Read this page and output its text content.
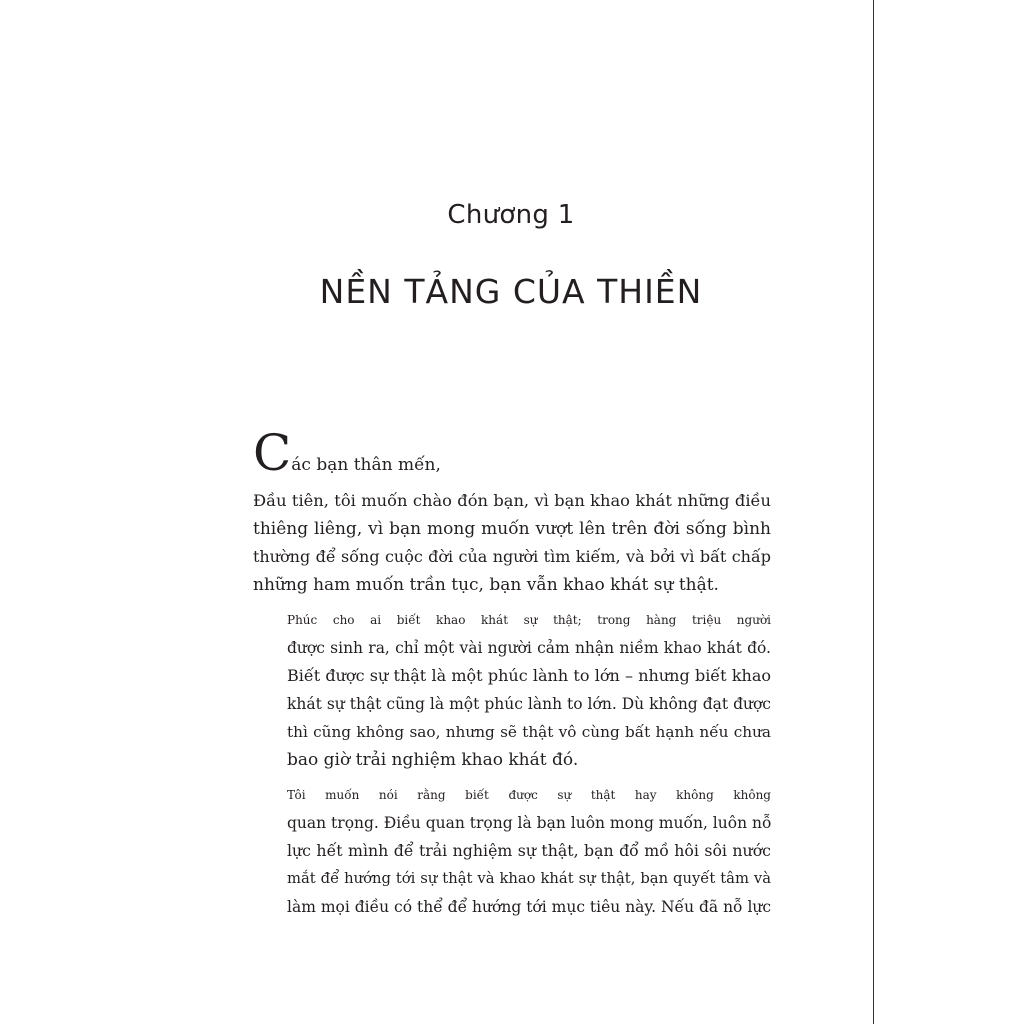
Chương 1
NỀN TẢNG CỦA THIỀN

Các bạn thân mến,

Đầu tiên, tôi muốn chào đón bạn, vì bạn khao khát những điều
thiêng liêng, vì bạn mong muốn vượt lên trên đời sống bình
thường để sống cuộc đời của người tìm kiếm, và bởi vì bất chấp
những ham muốn trần tục, bạn vẫn khao khát sự thật.

Phúc cho ai biết khao khát sự thật; trong hàng triệu người
được sinh ra, chỉ một vài người cảm nhận niềm khao khát đó.
Biết được sự thật là một phúc lành to lớn – nhưng biết khao
khát sự thật cũng là một phúc lành to lớn. Dù không đạt được
thì cũng không sao, nhưng sẽ thật vô cùng bất hạnh nếu chưa
bao giờ trải nghiệm khao khát đó.

Tôi muốn nói rằng biết được sự thật hay không không
quan trọng. Điều quan trọng là bạn luôn mong muốn, luôn nỗ
lực hết mình để trải nghiệm sự thật, bạn đổ mồ hôi sôi nước
mắt để hướng tới sự thật và khao khát sự thật, bạn quyết tâm và
làm mọi điều có thể để hướng tới mục tiêu này. Nếu đã nỗ lực
